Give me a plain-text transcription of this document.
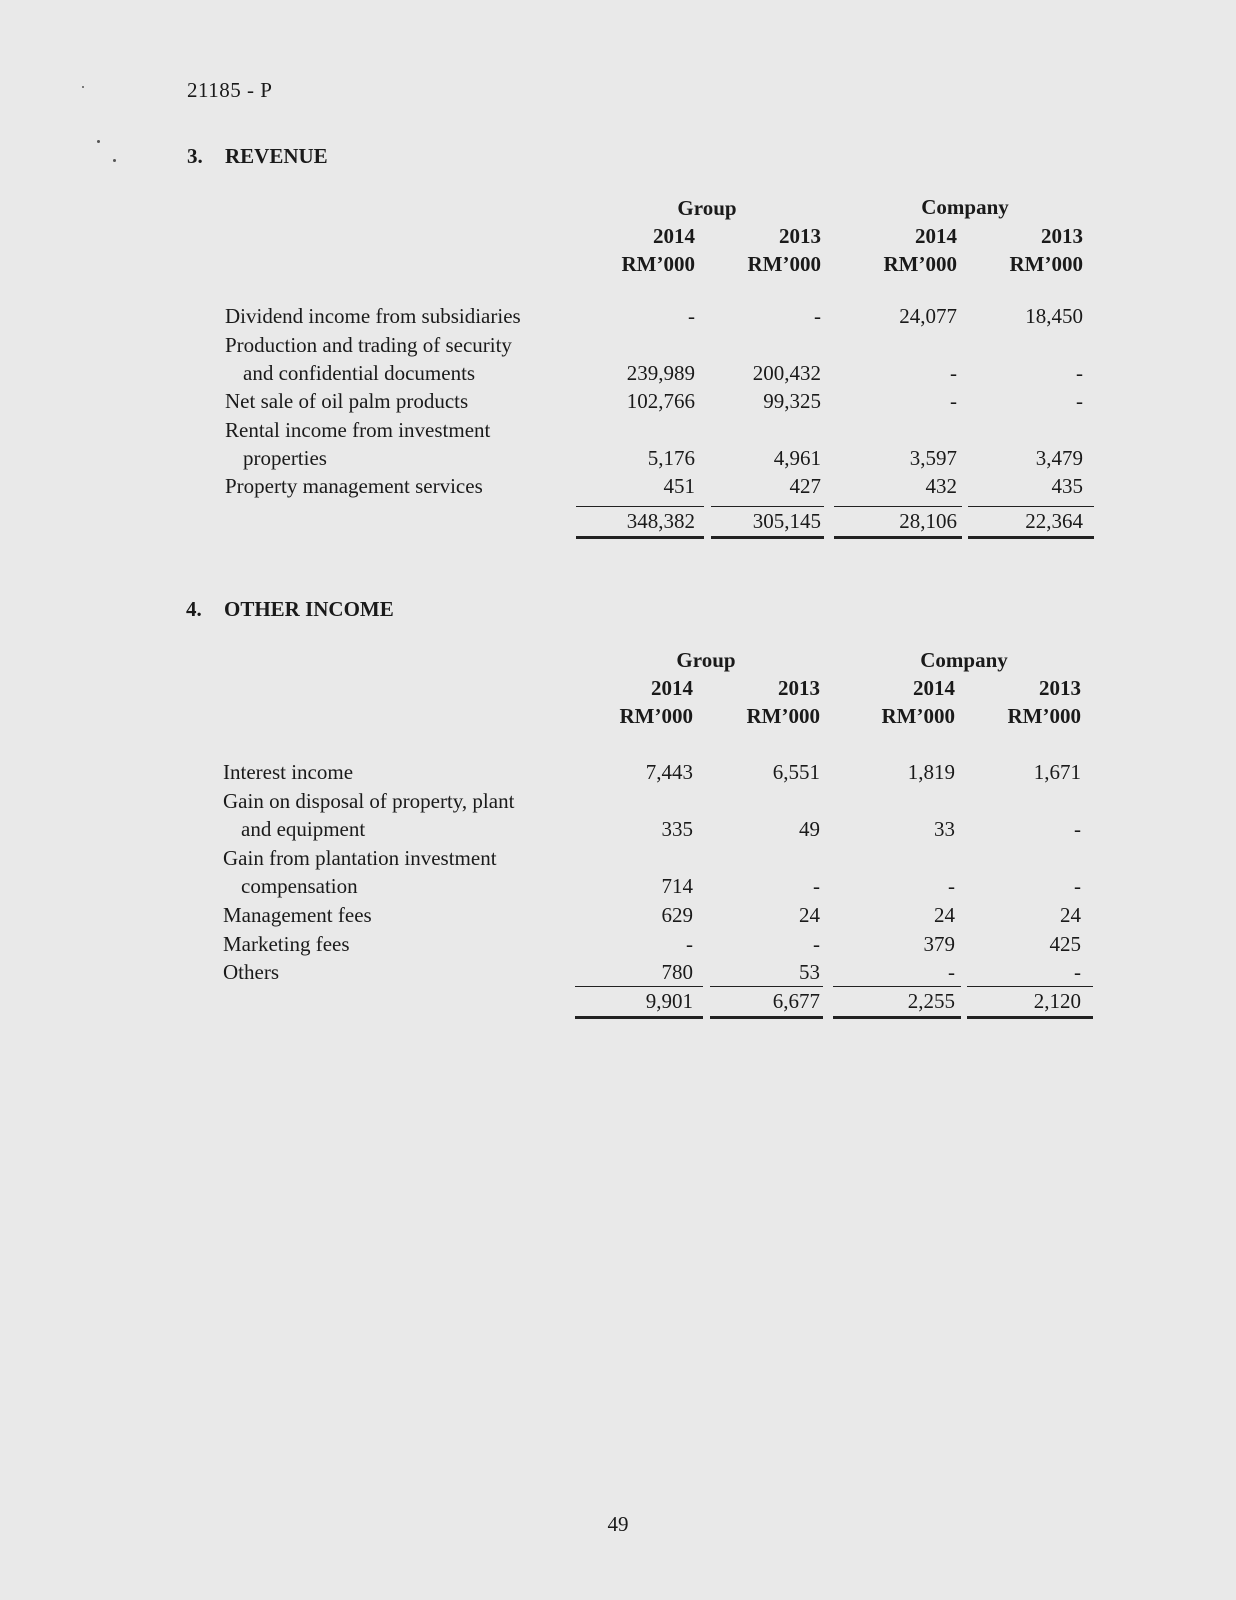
21185 - P
3. REVENUE
Group	Company
2014	2013	2014	2013
RM’000	RM’000	RM’000	RM’000
Dividend income from subsidiaries	-	-	24,077	18,450
Production and trading of security
and confidential documents	239,989	200,432	-	-
Net sale of oil palm products	102,766	99,325	-	-
Rental income from investment
properties	5,176	4,961	3,597	3,479
Property management services	451	427	432	435
348,382	305,145	28,106	22,364
4. OTHER INCOME
Group	Company
2014	2013	2014	2013
RM’000	RM’000	RM’000	RM’000
Interest income	7,443	6,551	1,819	1,671
Gain on disposal of property, plant
and equipment	335	49	33	-
Gain from plantation investment
compensation	714	-	-	-
Management fees	629	24	24	24
Marketing fees	-	-	379	425
Others	780	53	-	-
9,901	6,677	2,255	2,120
49
